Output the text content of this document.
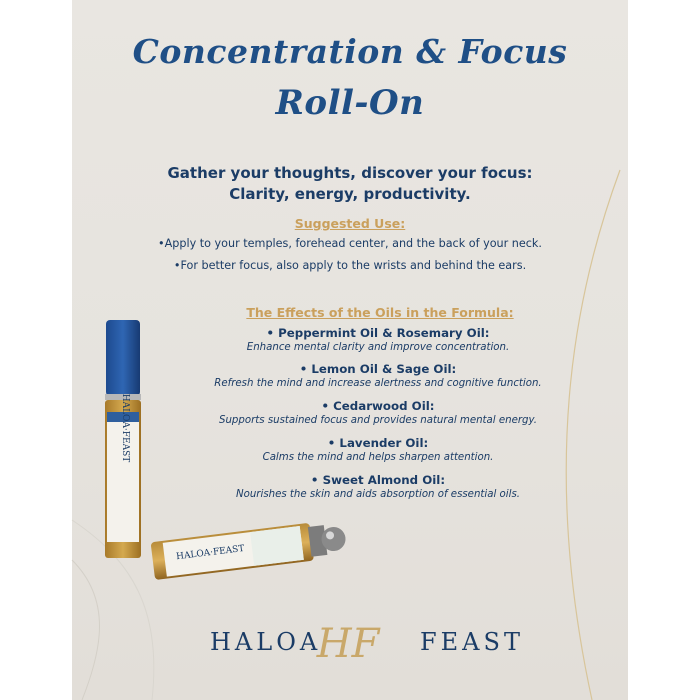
Concentration & Focus
Roll-On
Gather your thoughts, discover your focus:
Clarity, energy, productivity.
Suggested Use:
•Apply to your temples, forehead center, and the back of your neck.
•For better focus, also apply to the wrists and behind the ears.
The Effects of the Oils in the Formula:
• Peppermint Oil & Rosemary Oil:
Enhance mental clarity and improve concentration.
• Lemon Oil & Sage Oil:
Refresh the mind and increase alertness and cognitive function.
• Cedarwood Oil:
Supports sustained focus and provides natural mental energy.
• Lavender Oil:
Calms the mind and helps sharpen attention.
• Sweet Almond Oil:
Nourishes the skin and aids absorption of essential oils.
HALOA·FEAST
HALOA·FEAST
HALOA
HF FEAST
